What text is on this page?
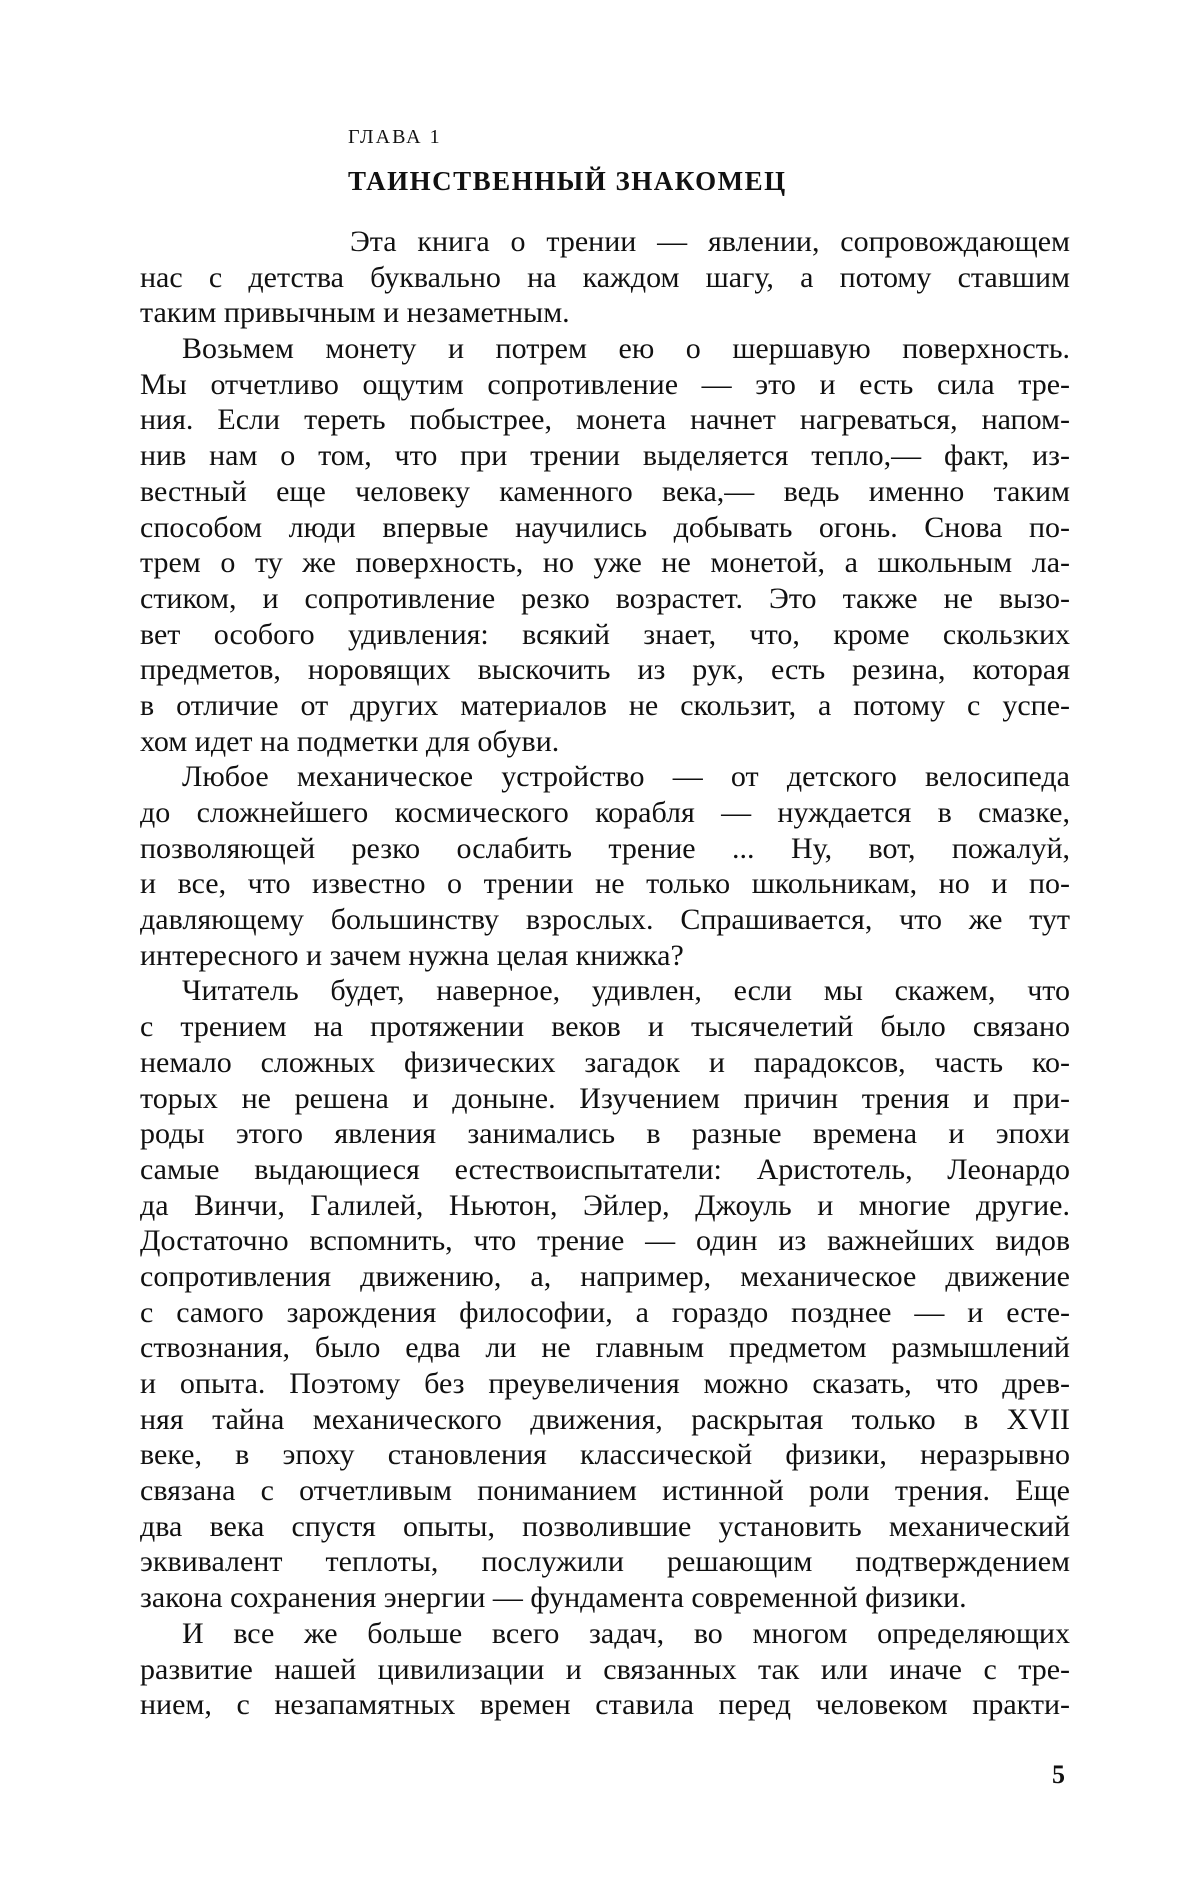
ГЛАВА 1
ТАИНСТВЕННЫЙ ЗНАКОМЕЦ
Эта книга о трении — явлении, сопровождающем
нас с детства буквально на каждом шагу, а потому ставшим
таким привычным и незаметным.
Возьмем монету и потрем ею о шершавую поверхность.
Мы отчетливо ощутим сопротивление — это и есть сила тре-
ния. Если тереть побыстрее, монета начнет нагреваться, напом-
нив нам о том, что при трении выделяется тепло,— факт, из-
вестный еще человеку каменного века,— ведь именно таким
способом люди впервые научились добывать огонь. Снова по-
трем о ту же поверхность, но уже не монетой, а школьным ла-
стиком, и сопротивление резко возрастет. Это также не вызо-
вет особого удивления: всякий знает, что, кроме скользких
предметов, норовящих выскочить из рук, есть резина, которая
в отличие от других материалов не скользит, а потому с успе-
хом идет на подметки для обуви.
Любое механическое устройство — от детского велосипеда
до сложнейшего космического корабля — нуждается в смазке,
позволяющей резко ослабить трение ... Ну, вот, пожалуй,
и все, что известно о трении не только школьникам, но и по-
давляющему большинству взрослых. Спрашивается, что же тут
интересного и зачем нужна целая книжка?
Читатель будет, наверное, удивлен, если мы скажем, что
с трением на протяжении веков и тысячелетий было связано
немало сложных физических загадок и парадоксов, часть ко-
торых не решена и доныне. Изучением причин трения и при-
роды этого явления занимались в разные времена и эпохи
самые выдающиеся естествоиспытатели: Аристотель, Леонардо
да Винчи, Галилей, Ньютон, Эйлер, Джоуль и многие другие.
Достаточно вспомнить, что трение — один из важнейших видов
сопротивления движению, а, например, механическое движение
с самого зарождения философии, а гораздо позднее — и есте-
ствознания, было едва ли не главным предметом размышлений
и опыта. Поэтому без преувеличения можно сказать, что древ-
няя тайна механического движения, раскрытая только в XVII
веке, в эпоху становления классической физики, неразрывно
связана с отчетливым пониманием истинной роли трения. Еще
два века спустя опыты, позволившие установить механический
эквивалент теплоты, послужили решающим подтверждением
закона сохранения энергии — фундамента современной физики.
И все же больше всего задач, во многом определяющих
развитие нашей цивилизации и связанных так или иначе с тре-
нием, с незапамятных времен ставила перед человеком практи-
5
